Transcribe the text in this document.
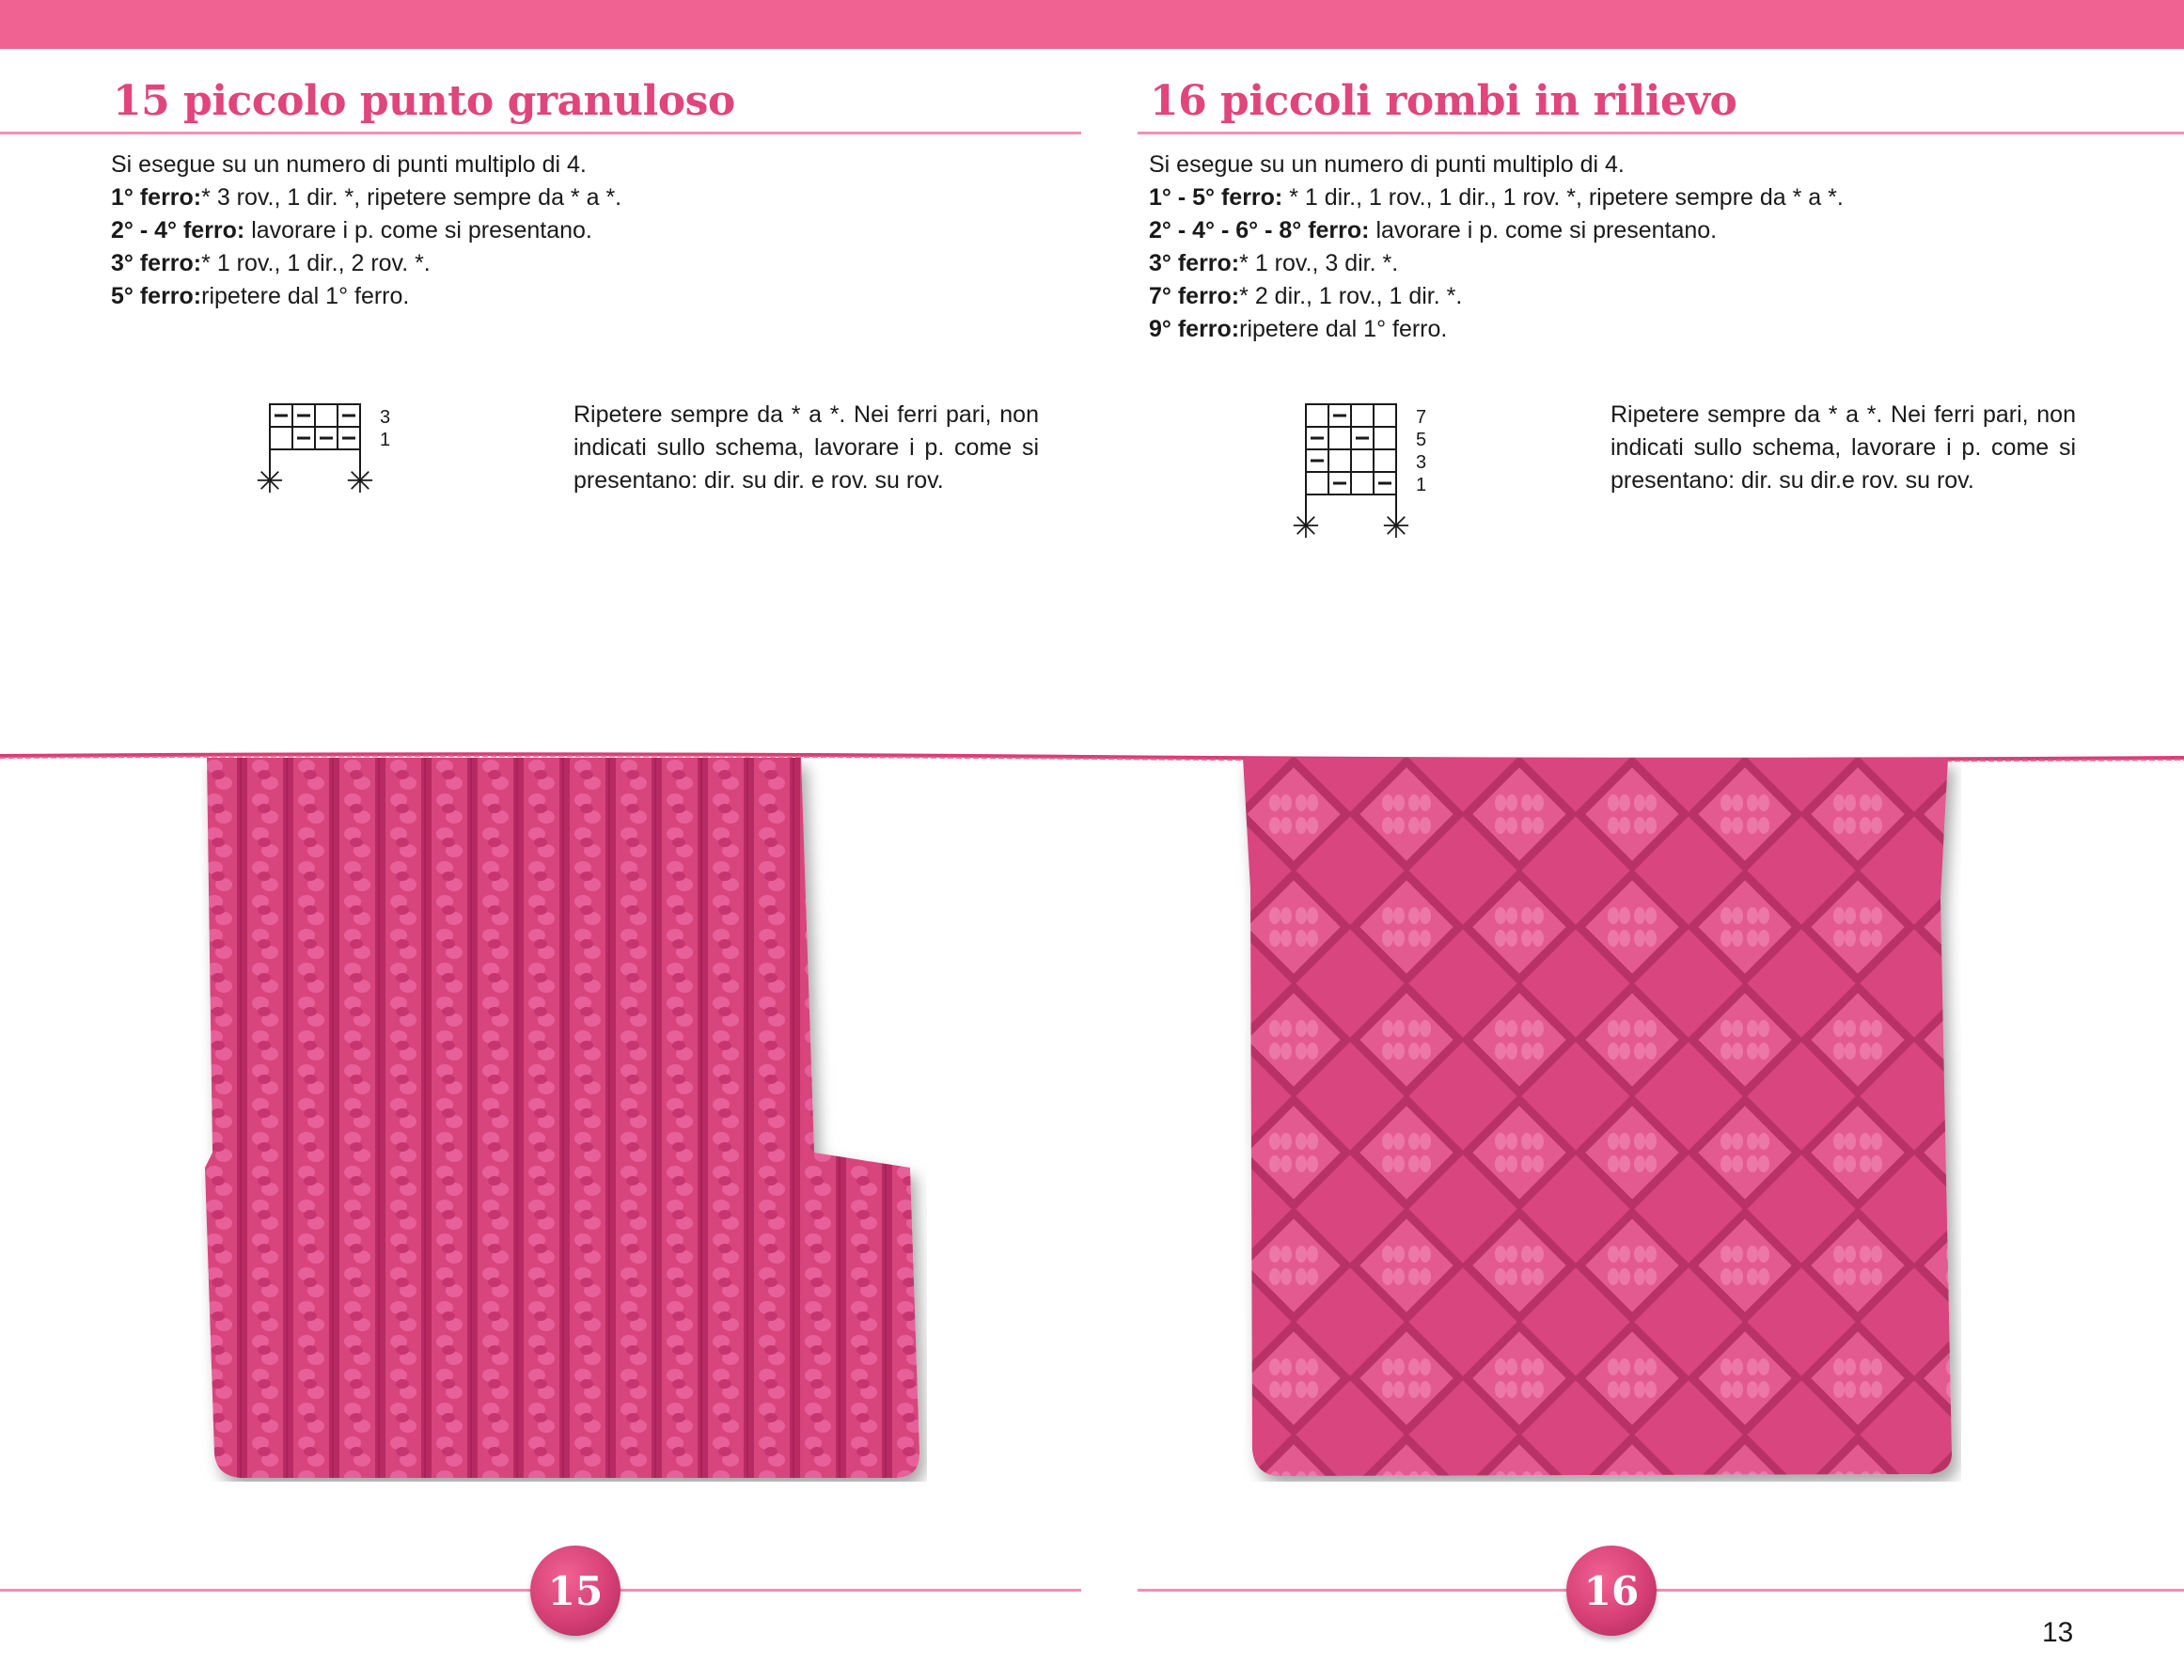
15 piccolo punto granuloso

Si esegue su un numero di punti multiplo di 4.

1° ferro:* 3 rov., 1 dir. *, ripetere sempre da * a *.

2° - 4° ferro: lavorare i p. come si presentano.

3° ferro:* 1 rov., 1 dir., 2 rov. *.

5° ferro:ripetere dal 1° ferro.

3
1
✳ ✳

Ripetere sempre da * a *. Nei ferri pari, non indicati sullo schema, lavorare i p. come si presentano: dir. su dir. e rov. su rov.

16 piccoli rombi in rilievo

Si esegue su un numero di punti multiplo di 4.

1° - 5° ferro: * 1 dir., 1 rov., 1 dir., 1 rov. *, ripetere sempre da * a *.

2° - 4° - 6° - 8° ferro: lavorare i p. come si presentano.

3° ferro:* 1 rov., 3 dir. *.

7° ferro:* 2 dir., 1 rov., 1 dir. *.

9° ferro:ripetere dal 1° ferro.

7
5
3
1
✳ ✳

Ripetere sempre da * a *. Nei ferri pari, non indicati sullo schema, lavorare i p. come si presentano: dir. su dir.e rov. su rov.

15	16
13
